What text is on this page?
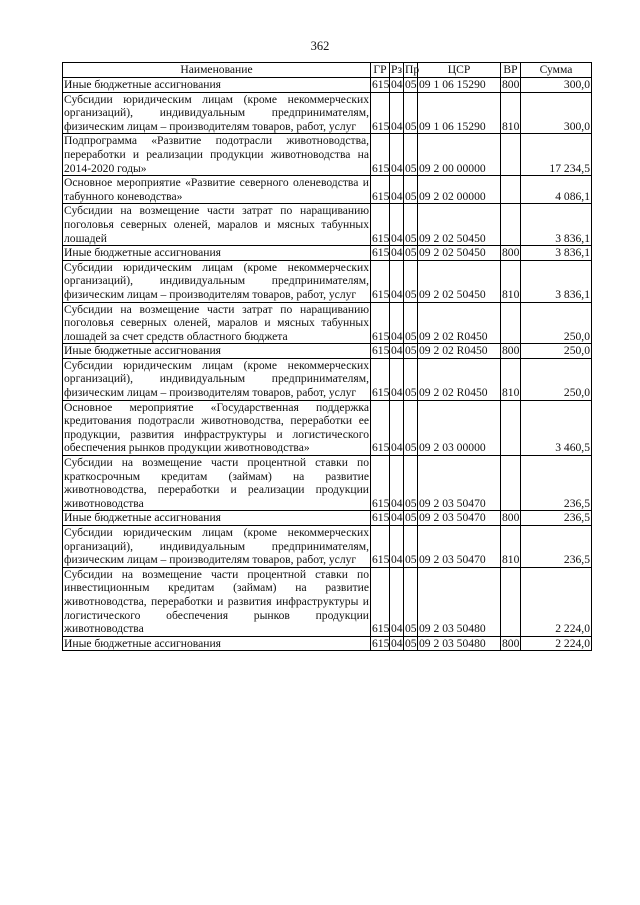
362
Наименование	ГР	Рз	Пр	ЦСР	ВР	Сумма
Иные бюджетные ассигнования	615	04	05	09 1 06 15290	800	300,0
Субсидии юридическим лицам (кроме некоммерческих организаций), индивидуальным предпринимателям, физическим лицам – производителям товаров, работ, услуг	615	04	05	09 1 06 15290	810	300,0
Подпрограмма «Развитие подотрасли животноводства, переработки и реализации продукции животноводства на 2014-2020 годы»	615	04	05	09 2 00 00000		17 234,5
Основное мероприятие «Развитие северного оленеводства и табунного коневодства»	615	04	05	09 2 02 00000		4 086,1
Субсидии на возмещение части затрат по наращиванию поголовья северных оленей, маралов и мясных табунных лошадей	615	04	05	09 2 02 50450		3 836,1
Иные бюджетные ассигнования	615	04	05	09 2 02 50450	800	3 836,1
Субсидии юридическим лицам (кроме некоммерческих организаций), индивидуальным предпринимателям, физическим лицам – производителям товаров, работ, услуг	615	04	05	09 2 02 50450	810	3 836,1
Субсидии на возмещение части затрат по наращиванию поголовья северных оленей, маралов и мясных табунных лошадей за счет средств областного бюджета	615	04	05	09 2 02 R0450		250,0
Иные бюджетные ассигнования	615	04	05	09 2 02 R0450	800	250,0
Субсидии юридическим лицам (кроме некоммерческих организаций), индивидуальным предпринимателям, физическим лицам – производителям товаров, работ, услуг	615	04	05	09 2 02 R0450	810	250,0
Основное мероприятие «Государственная поддержка кредитования подотрасли животноводства, переработки ее продукции, развития инфраструктуры и логистического обеспечения рынков продукции животноводства»	615	04	05	09 2 03 00000		3 460,5
Субсидии на возмещение части процентной ставки по краткосрочным кредитам (займам) на развитие животноводства, переработки и реализации продукции животноводства	615	04	05	09 2 03 50470		236,5
Иные бюджетные ассигнования	615	04	05	09 2 03 50470	800	236,5
Субсидии юридическим лицам (кроме некоммерческих организаций), индивидуальным предпринимателям, физическим лицам – производителям товаров, работ, услуг	615	04	05	09 2 03 50470	810	236,5
Субсидии на возмещение части процентной ставки по инвестиционным кредитам (займам) на развитие животноводства, переработки и развития инфраструктуры и логистического обеспечения рынков продукции животноводства	615	04	05	09 2 03 50480		2 224,0
Иные бюджетные ассигнования	615	04	05	09 2 03 50480	800	2 224,0
